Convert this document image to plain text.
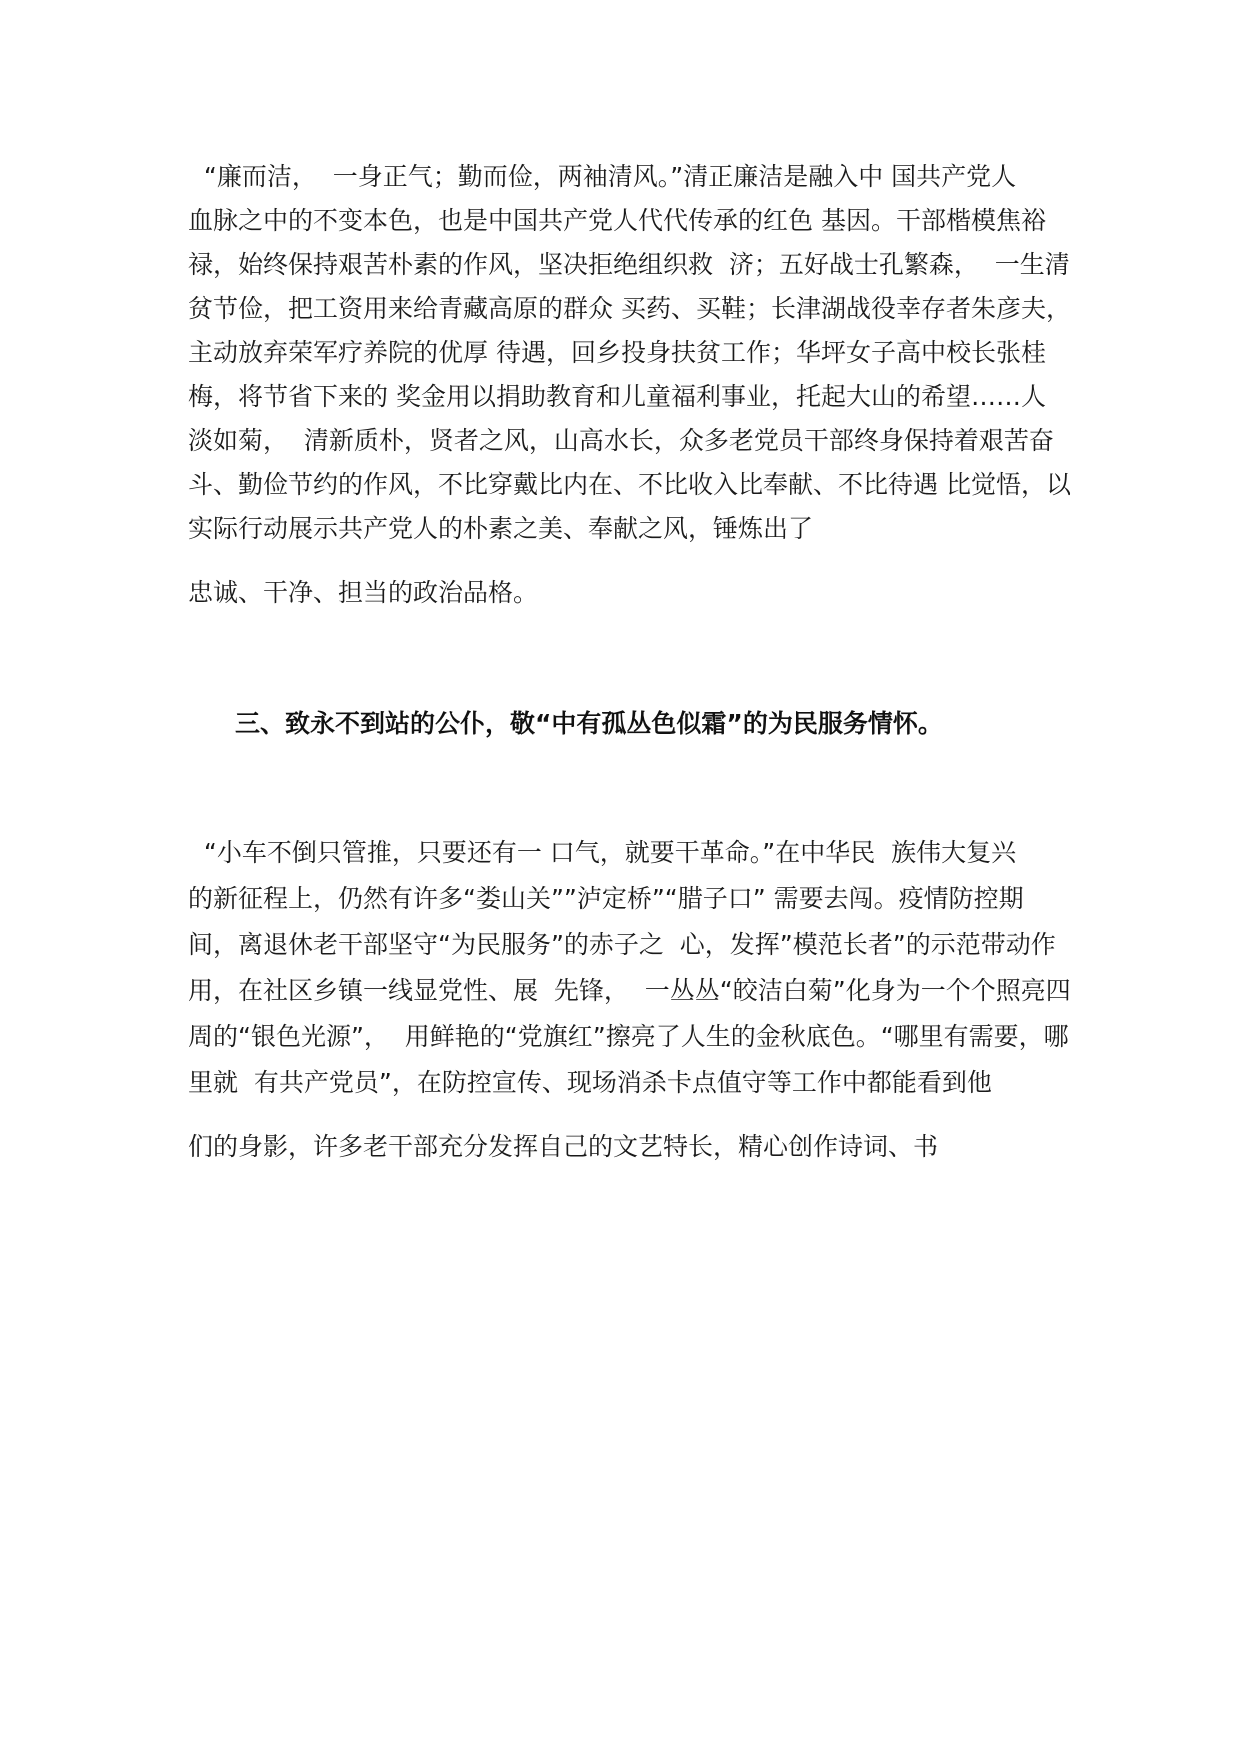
“廉而洁，  一身正气；勤而俭，两袖清风。”清正廉洁是融入中 国共产党人
血脉之中的不变本色，也是中国共产党人代代传承的红色 基因。干部楷模焦裕
禄，始终保持艰苦朴素的作风，坚决拒绝组织救  济；五好战士孔繁森，  一生清
贫节俭，把工资用来给青藏高原的群众 买药、买鞋；长津湖战役幸存者朱彦夫，
主动放弃荣军疗养院的优厚 待遇，回乡投身扶贫工作；华坪女子高中校长张桂
梅，将节省下来的 奖金用以捐助教育和儿童福利事业，托起大山的希望……人
淡如菊，  清新质朴，贤者之风，山高水长，众多老党员干部终身保持着艰苦奋
斗、勤俭节约的作风，不比穿戴比内在、不比收入比奉献、不比待遇 比觉悟，以
实际行动展示共产党人的朴素之美、奉献之风，锤炼出了
忠诚、干净、担当的政治品格。
三、致永不到站的公仆，敬“中有孤丛色似霜”的为民服务情怀。
“小车不倒只管推，只要还有一 口气，就要干革命。”在中华民  族伟大复兴
的新征程上，仍然有许多“娄山关””泸定桥”“腊子口” 需要去闯。疫情防控期
间，离退休老干部坚守“为民服务”的赤子之  心，发挥”模范长者”的示范带动作
用，在社区乡镇一线显党性、展  先锋，  一丛丛“皎洁白菊”化身为一个个照亮四
周的“银色光源”，  用鲜艳的“党旗红”擦亮了人生的金秋底色。“哪里有需要，哪
里就  有共产党员”，在防控宣传、现场消杀卡点值守等工作中都能看到他
们的身影，许多老干部充分发挥自己的文艺特长，精心创作诗词、书
